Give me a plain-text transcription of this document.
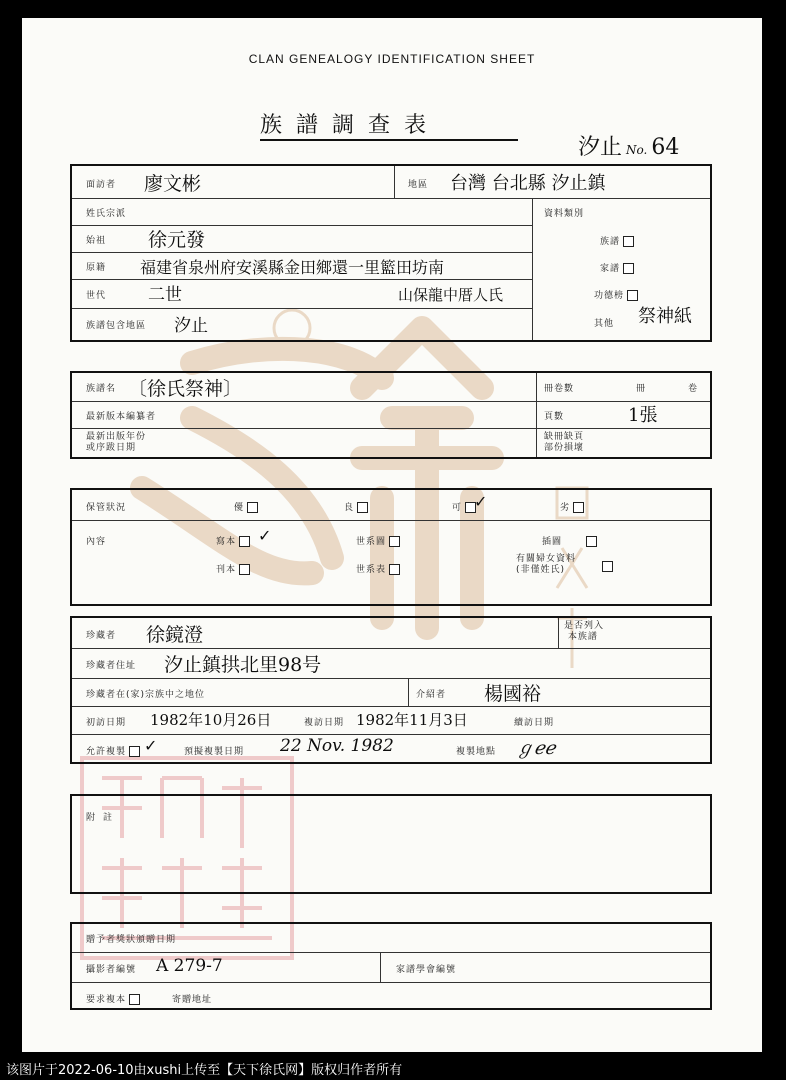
CLAN GENEALOGY IDENTIFICATION SHEET
族譜調查表
汐止 No. 64
面訪者 廖文彬	地區 台灣 台北縣 汐止鎮
姓氏宗派
始祖 徐元發
原籍 福建省泉州府安溪縣金田鄉還一里籃田坊南
世代 二世	山保龍中厝人氏
族譜包含地區 汐止
資料類別
族譜
家譜
功德榜
其他 祭神紙
族譜名 〔徐氏祭神〕	冊卷數	冊	卷
最新版本編纂者	頁數	1張
最新出版年份
或序跋日期
缺冊缺頁
部份損壞
保管狀況	優	良	可 ✓	劣
內容	寫本	✓
刊本
世系圖
世系表
插圖
有關婦女資料
(非僅姓氏)
珍藏者 徐鏡澄	是否列入
本族譜
珍藏者住址 汐止鎮拱北里98号
珍藏者在(家)宗族中之地位	介紹者 楊國裕
初訪日期 1982年10月26日	複訪日期 1982年11月3日	續訪日期
允許複製	✓	預擬複製日期 22 Nov. 1982	複製地點 ℊℯℯ
附註
贈予者獎狀頒贈日期
攝影者編號 A 279-7	家譜學會編號
要求複本	寄贈地址
该图片于2022-06-10由xushi上传至【天下徐氏网】版权归作者所有
